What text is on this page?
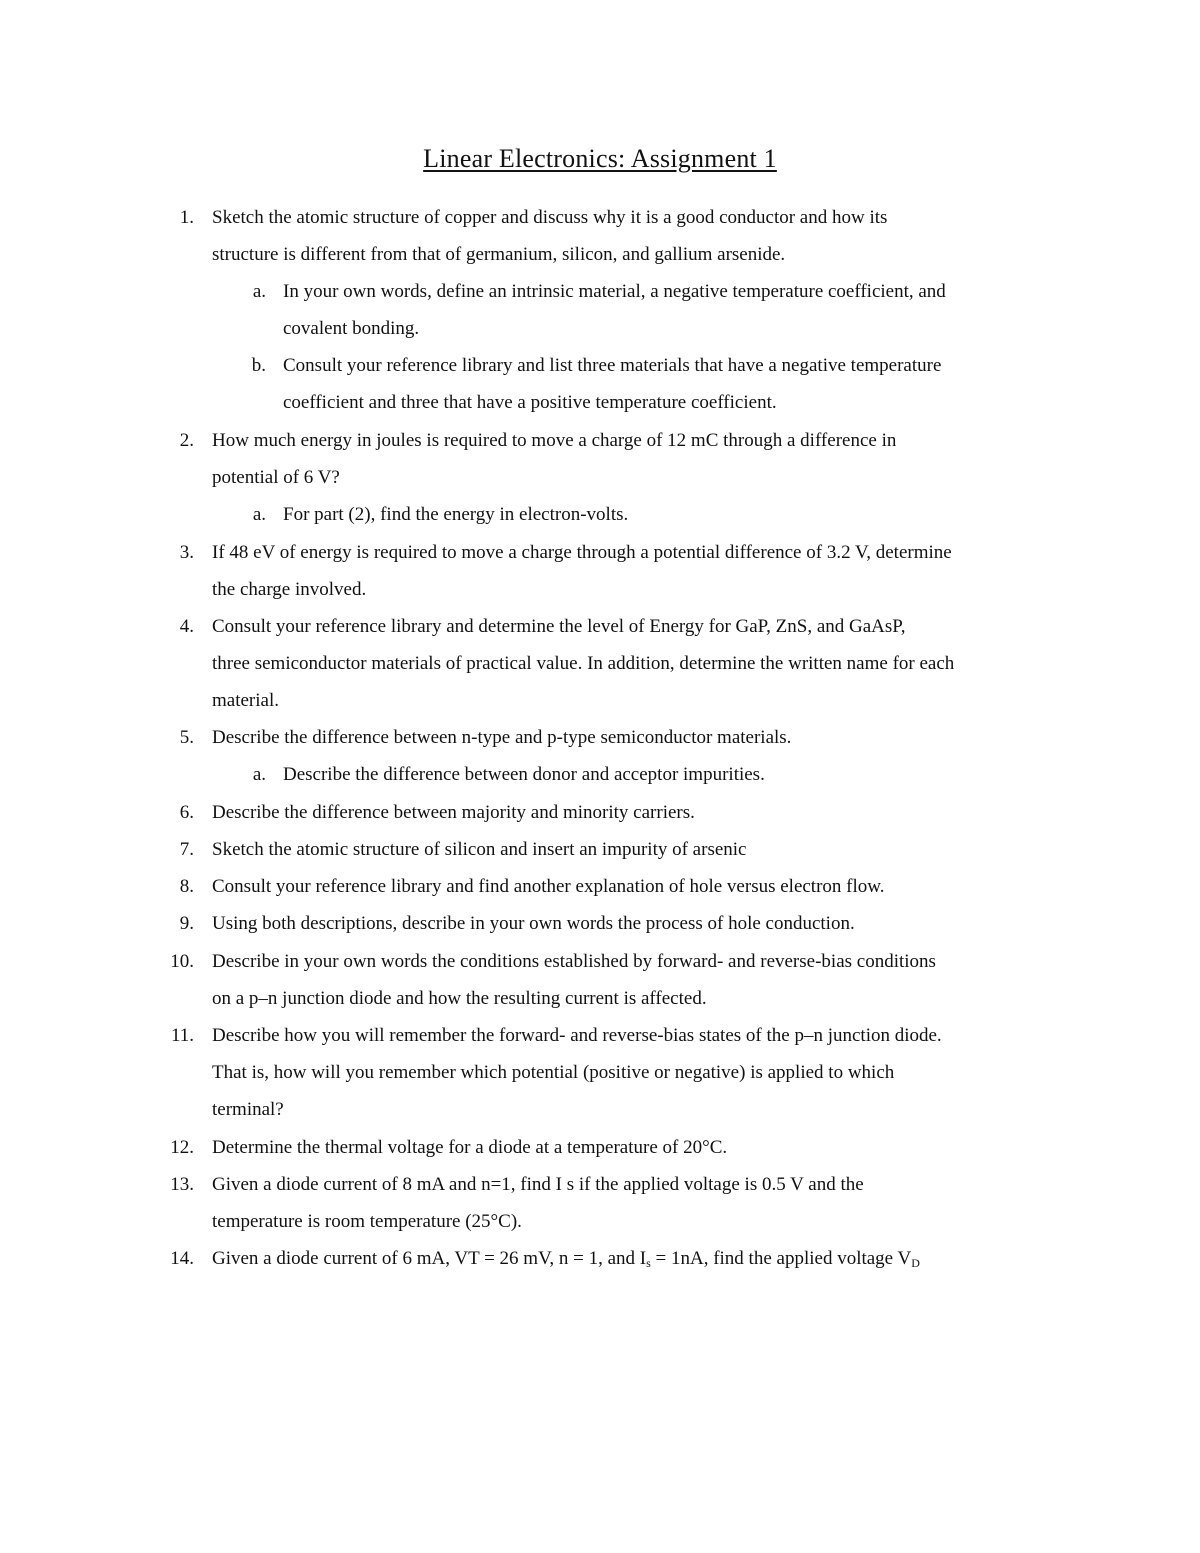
Linear Electronics: Assignment 1
1. Sketch the atomic structure of copper and discuss why it is a good conductor and how its
structure is different from that of germanium, silicon, and gallium arsenide.
a. In your own words, define an intrinsic material, a negative temperature coefficient, and
covalent bonding.
b. Consult your reference library and list three materials that have a negative temperature
coefficient and three that have a positive temperature coefficient.
2. How much energy in joules is required to move a charge of 12 mC through a difference in
potential of 6 V?
a. For part (2), find the energy in electron-volts.
3. If 48 eV of energy is required to move a charge through a potential difference of 3.2 V, determine
the charge involved.
4. Consult your reference library and determine the level of Energy for GaP, ZnS, and GaAsP,
three semiconductor materials of practical value. In addition, determine the written name for each
material.
5. Describe the difference between n-type and p-type semiconductor materials.
a. Describe the difference between donor and acceptor impurities.
6. Describe the difference between majority and minority carriers.
7. Sketch the atomic structure of silicon and insert an impurity of arsenic
8. Consult your reference library and find another explanation of hole versus electron flow.
9. Using both descriptions, describe in your own words the process of hole conduction.
10. Describe in your own words the conditions established by forward- and reverse-bias conditions
on a p–n junction diode and how the resulting current is affected.
11. Describe how you will remember the forward- and reverse-bias states of the p–n junction diode.
That is, how will you remember which potential (positive or negative) is applied to which
terminal?
12. Determine the thermal voltage for a diode at a temperature of 20°C.
13. Given a diode current of 8 mA and n=1, find I s if the applied voltage is 0.5 V and the
temperature is room temperature (25°C).
14. Given a diode current of 6 mA, VT = 26 mV, n = 1, and $I_s = 1nA$, find the applied voltage $V_D$
